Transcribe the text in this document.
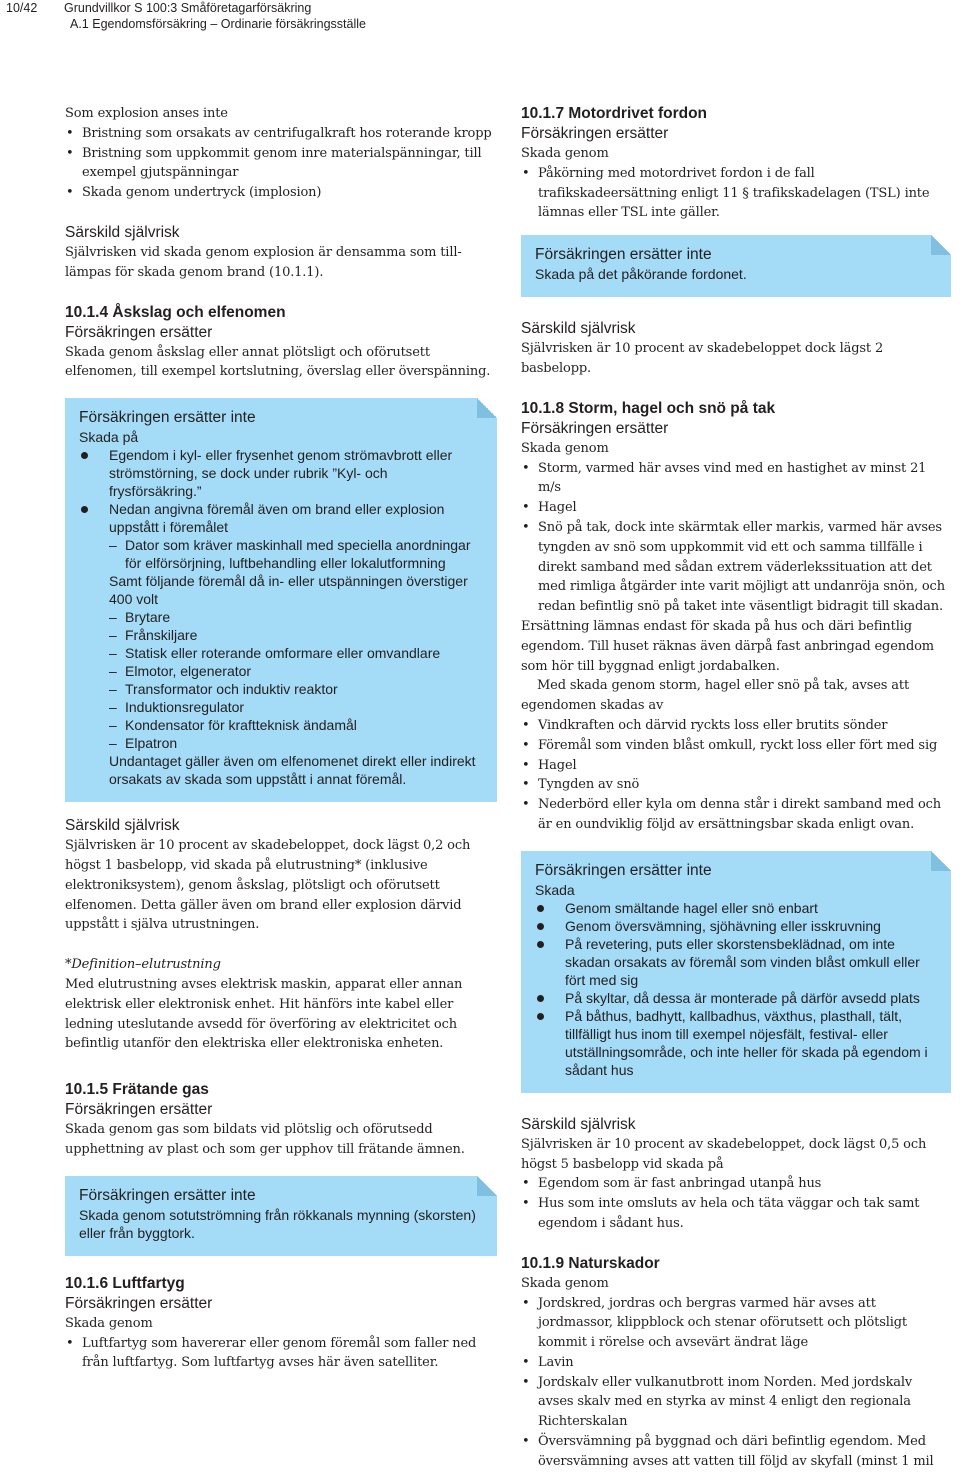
10/42 Grundvillkor S 100:3 Småföretagarförsäkring
A.1 Egendomsförsäkring – Ordinarie försäkringsställe

Som explosion anses inte

• Bristning som orsakats av centrifugalkraft hos roterande kropp
• Bristning som uppkommit genom inre materialspänningar, till exempel gjutspänningar
• Skada genom undertryck (implosion)
Särskild självrisk

Självrisken vid skada genom explosion är densamma som till-lämpas för skada genom brand (10.1.1).

10.1.4 Åskslag och elfenomen
Försäkringen ersätter

Skada genom åskslag eller annat plötsligt och oförutsett elfenomen, till exempel kortslutning, överslag eller överspänning.

Försäkringen ersätter inte

Skada på

Egendom i kyl- eller frysenhet genom strömavbrott eller strömstörning, se dock under rubrik ”Kyl- och frysförsäkring.”
Nedan angivna föremål även om brand eller explosion uppstått i föremålet
– Dator som kräver maskinhall med speciella anordningar för elförsörjning, luftbehandling eller lokalutformning

Samt följande föremål då in- eller utspänningen överstiger 400 volt

– Brytare
– Frånskiljare
– Statisk eller roterande omformare eller omvandlare
– Elmotor, elgenerator
– Transformator och induktiv reaktor
– Induktionsregulator
– Kondensator för kraftteknisk ändamål
– Elpatron

Undantaget gäller även om elfenomenet direkt eller indirekt orsakats av skada som uppstått i annat föremål.

Särskild självrisk

Självrisken är 10 procent av skadebeloppet, dock lägst 0,2 och högst 1 basbelopp, vid skada på elutrustning* (inklusive elektroniksystem), genom åskslag, plötsligt och oförutsett elfenomen. Detta gäller även om brand eller explosion därvid uppstått i själva utrustningen.

*Definition–elutrustning

Med elutrustning avses elektrisk maskin, apparat eller annan elektrisk eller elektronisk enhet. Hit hänförs inte kabel eller ledning uteslutande avsedd för överföring av elektricitet och befintlig utanför den elektriska eller elektroniska enheten.

10.1.5 Frätande gas
Försäkringen ersätter

Skada genom gas som bildats vid plötslig och oförutsedd upphettning av plast och som ger upphov till frätande ämnen.

Försäkringen ersätter inte

Skada genom sotutströmning från rökkanals mynning (skorsten) eller från byggtork.

10.1.6 Luftfartyg
Försäkringen ersätter

Skada genom

• Luftfartyg som havererar eller genom föremål som faller ned från luftfartyg. Som luftfartyg avses här även satelliter.
10.1.7 Motordrivet fordon
Försäkringen ersätter

Skada genom

• Påkörning med motordrivet fordon i de fall trafikskadeersättning enligt 11 § trafikskadelagen (TSL) inte lämnas eller TSL inte gäller.
Försäkringen ersätter inte

Skada på det påkörande fordonet.

Särskild självrisk

Självrisken är 10 procent av skadebeloppet dock lägst 2 basbelopp.

10.1.8 Storm, hagel och snö på tak
Försäkringen ersätter

Skada genom

• Storm, varmed här avses vind med en hastighet av minst 21 m/s
• Hagel
• Snö på tak, dock inte skärmtak eller markis, varmed här avses tyngden av snö som uppkommit vid ett och samma tillfälle i direkt samband med sådan extrem väderlekssituation att det med rimliga åtgärder inte varit möjligt att undanröja snön, och redan befintlig snö på taket inte väsentligt bidragit till skadan.

Ersättning lämnas endast för skada på hus och däri befintlig egendom. Till huset räknas även därpå fast anbringad egendom som hör till byggnad enligt jordabalken.

Med skada genom storm, hagel eller snö på tak, avses att egendomen skadas av

• Vindkraften och därvid ryckts loss eller brutits sönder
• Föremål som vinden blåst omkull, ryckt loss eller fört med sig
• Hagel
• Tyngden av snö
• Nederbörd eller kyla om denna står i direkt samband med och är en oundviklig följd av ersättningsbar skada enligt ovan.
Försäkringen ersätter inte

Skada

Genom smältande hagel eller snö enbart
Genom översvämning, sjöhävning eller isskruvning
På revetering, puts eller skorstensbeklädnad, om inte skadan orsakats av föremål som vinden blåst omkull eller fört med sig
På skyltar, då dessa är monterade på därför avsedd plats
På båthus, badhytt, kallbadhus, växthus, plasthall, tält, tillfälligt hus inom till exempel nöjesfält, festival- eller utställningsområde, och inte heller för skada på egendom i sådant hus
Särskild självrisk

Självrisken är 10 procent av skadebeloppet, dock lägst 0,5 och högst 5 basbelopp vid skada på

• Egendom som är fast anbringad utanpå hus
• Hus som inte omsluts av hela och täta väggar och tak samt egendom i sådant hus.
10.1.9 Naturskador

Skada genom

• Jordskred, jordras och bergras varmed här avses att jordmassor, klippblock och stenar oförutsett och plötsligt kommit i rörelse och avsevärt ändrat läge
• Lavin
• Jordskalv eller vulkanutbrott inom Norden. Med jordskalv avses skalv med en styrka av minst 4 enligt den regionala Richterskalan
• Översvämning på byggnad och däri befintlig egendom. Med översvämning avses att vatten till följd av skyfall (minst 1 mil
